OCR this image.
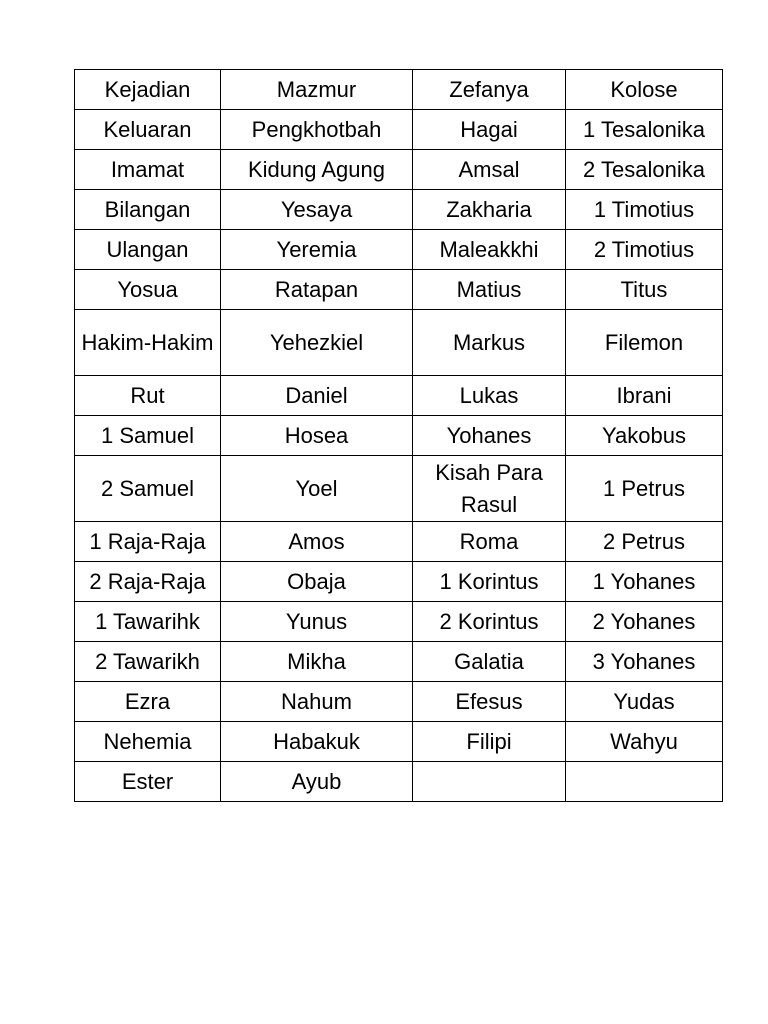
Kejadian	Mazmur	Zefanya	Kolose
Keluaran	Pengkhotbah	Hagai	1 Tesalonika
Imamat	Kidung Agung	Amsal	2 Tesalonika
Bilangan	Yesaya	Zakharia	1 Timotius
Ulangan	Yeremia	Maleakkhi	2 Timotius
Yosua	Ratapan	Matius	Titus
Hakim-Hakim	Yehezkiel	Markus	Filemon
Rut	Daniel	Lukas	Ibrani
1 Samuel	Hosea	Yohanes	Yakobus
2 Samuel	Yoel	Kisah Para Rasul	1 Petrus
1 Raja-Raja	Amos	Roma	2 Petrus
2 Raja-Raja	Obaja	1 Korintus	1 Yohanes
1 Tawarihk	Yunus	2 Korintus	2 Yohanes
2 Tawarikh	Mikha	Galatia	3 Yohanes
Ezra	Nahum	Efesus	Yudas
Nehemia	Habakuk	Filipi	Wahyu
Ester	Ayub		
